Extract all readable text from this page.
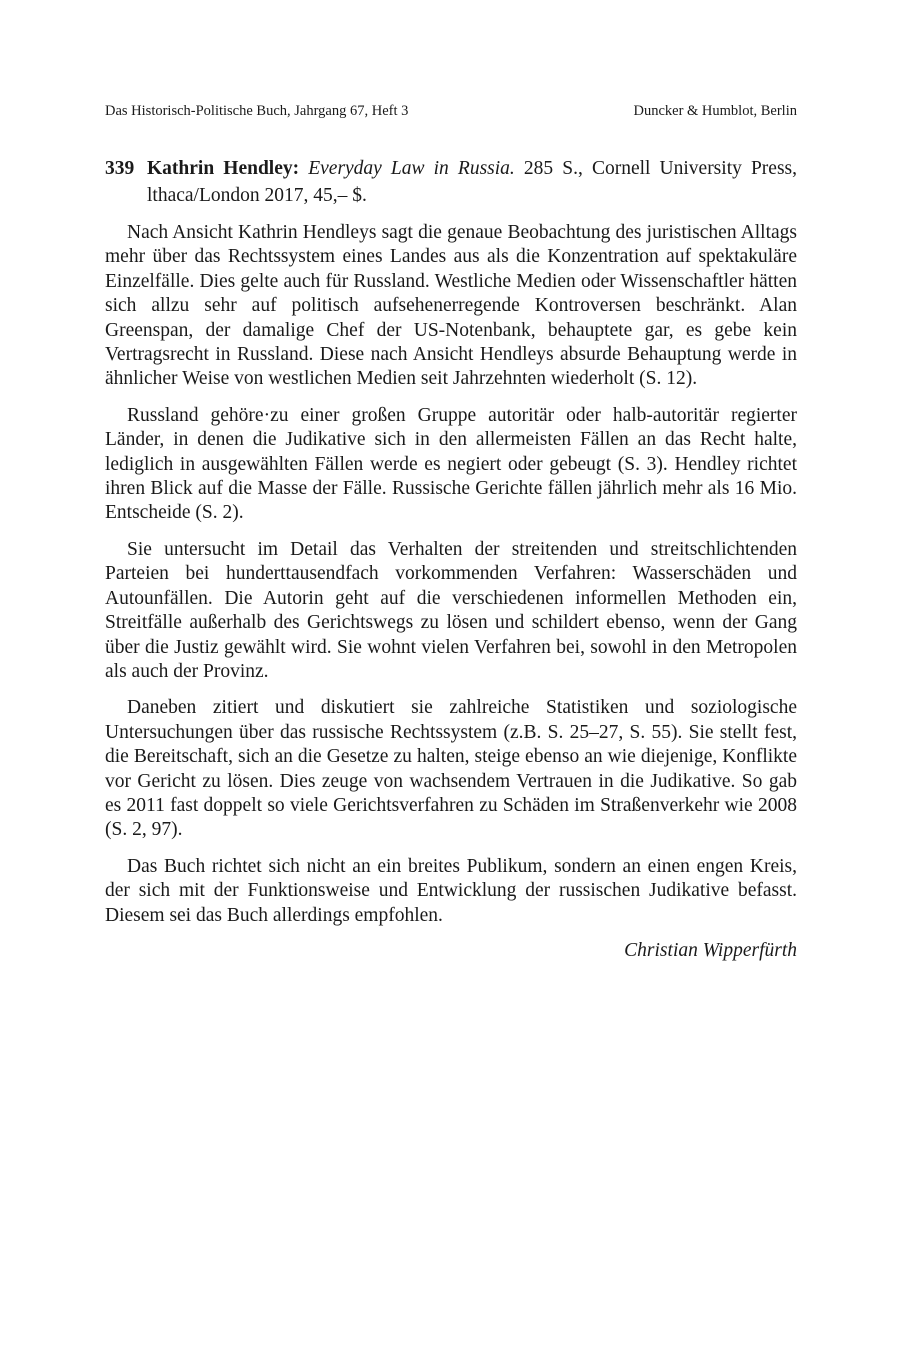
Das Historisch-Politische Buch, Jahrgang 67, Heft 3	Duncker & Humblot, Berlin
339 Kathrin Hendley: Everyday Law in Russia. 285 S., Cornell University Press, lthaca/London 2017, 45,– $.

Nach Ansicht Kathrin Hendleys sagt die genaue Beobachtung des juristischen Alltags mehr über das Rechtssystem eines Landes aus als die Konzentration auf spektakuläre Einzelfälle. Dies gelte auch für Russland. Westliche Medien oder Wissenschaftler hätten sich allzu sehr auf politisch aufsehenerregende Kontroversen beschränkt. Alan Greenspan, der damalige Chef der US-Notenbank, behauptete gar, es gebe kein Vertragsrecht in Russland. Diese nach Ansicht Hendleys absurde Behauptung werde in ähnlicher Weise von westlichen Medien seit Jahrzehnten wiederholt (S. 12).

Russland gehöre·zu einer großen Gruppe autoritär oder halb-autoritär regierter Länder, in denen die Judikative sich in den allermeisten Fällen an das Recht halte, lediglich in ausgewählten Fällen werde es negiert oder gebeugt (S. 3). Hendley richtet ihren Blick auf die Masse der Fälle. Russische Gerichte fällen jährlich mehr als 16 Mio. Entscheide (S. 2).

Sie untersucht im Detail das Verhalten der streitenden und streitschlichtenden Parteien bei hunderttausendfach vorkommenden Verfahren: Wasserschäden und Autounfällen. Die Autorin geht auf die verschiedenen informellen Methoden ein, Streitfälle außerhalb des Gerichtswegs zu lösen und schildert ebenso, wenn der Gang über die Justiz gewählt wird. Sie wohnt vielen Verfahren bei, sowohl in den Metropolen als auch der Provinz.

Daneben zitiert und diskutiert sie zahlreiche Statistiken und soziologische Untersuchungen über das russische Rechtssystem (z.B. S. 25–27, S. 55). Sie stellt fest, die Bereitschaft, sich an die Gesetze zu halten, steige ebenso an wie diejenige, Konflikte vor Gericht zu lösen. Dies zeuge von wachsendem Vertrauen in die Judikative. So gab es 2011 fast doppelt so viele Gerichtsverfahren zu Schäden im Straßenverkehr wie 2008 (S. 2, 97).

Das Buch richtet sich nicht an ein breites Publikum, sondern an einen engen Kreis, der sich mit der Funktionsweise und Entwicklung der russischen Judikative befasst. Diesem sei das Buch allerdings empfohlen.

Christian Wipperfürth
